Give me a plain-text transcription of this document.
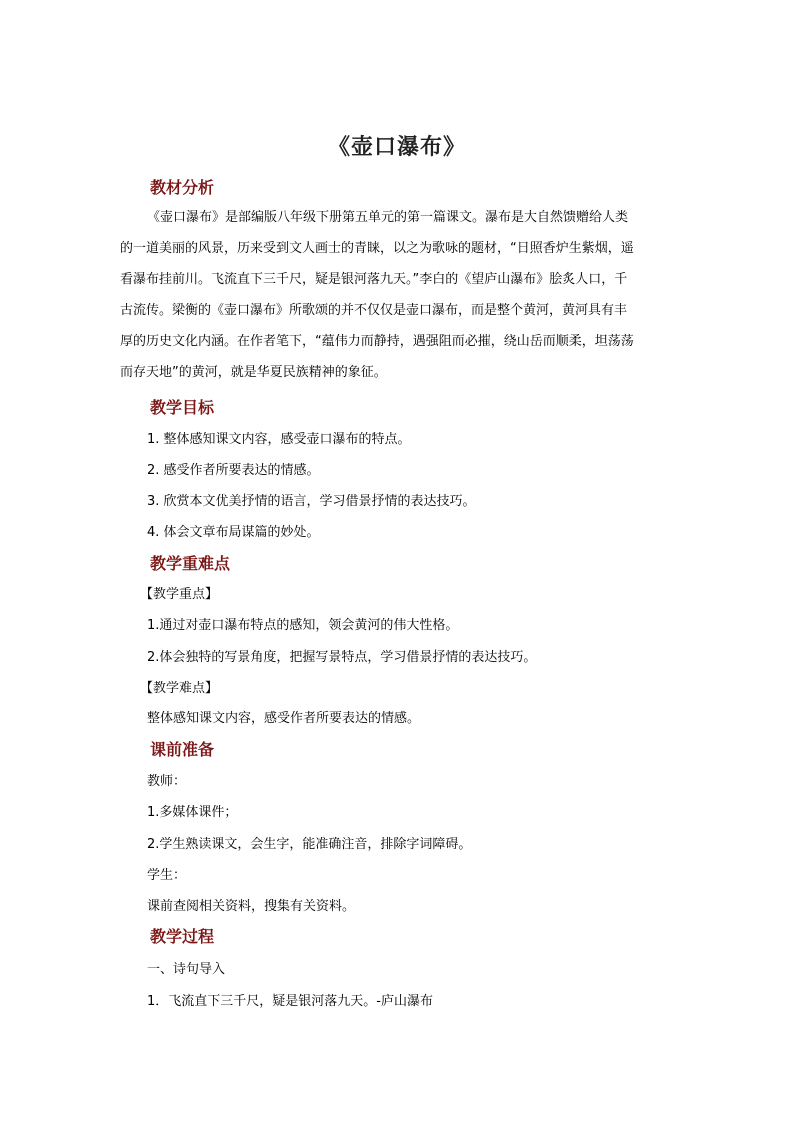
《壶口瀑布》
教材分析
《壶口瀑布》是部编版八年级下册第五单元的第一篇课文。瀑布是大自然馈赠给人类
的一道美丽的风景，历来受到文人画士的青睐，以之为歌咏的题材，“日照香炉生紫烟，遥
看瀑布挂前川。飞流直下三千尺，疑是银河落九天。”李白的《望庐山瀑布》脍炙人口，千
古流传。梁衡的《壶口瀑布》所歌颂的并不仅仅是壶口瀑布，而是整个黄河，黄河具有丰
厚的历史文化内涵。在作者笔下，“蕴伟力而静持，遇强阻而必摧，绕山岳而顺柔，坦荡荡
而存天地”的黄河，就是华夏民族精神的象征。
教学目标
1. 整体感知课文内容，感受壶口瀑布的特点。
2. 感受作者所要表达的情感。
3. 欣赏本文优美抒情的语言，学习借景抒情的表达技巧。
4. 体会文章布局谋篇的妙处。
教学重难点
【教学重点】
1.通过对壶口瀑布特点的感知，领会黄河的伟大性格。
2.体会独特的写景角度，把握写景特点，学习借景抒情的表达技巧。
【教学难点】
整体感知课文内容，感受作者所要表达的情感。
课前准备
教师：
1.多媒体课件；
2.学生熟读课文，会生字，能准确注音，排除字词障碍。
学生：
课前查阅相关资料，搜集有关资料。
教学过程
一、诗句导入
1．飞流直下三千尺，疑是银河落九天。-庐山瀑布
